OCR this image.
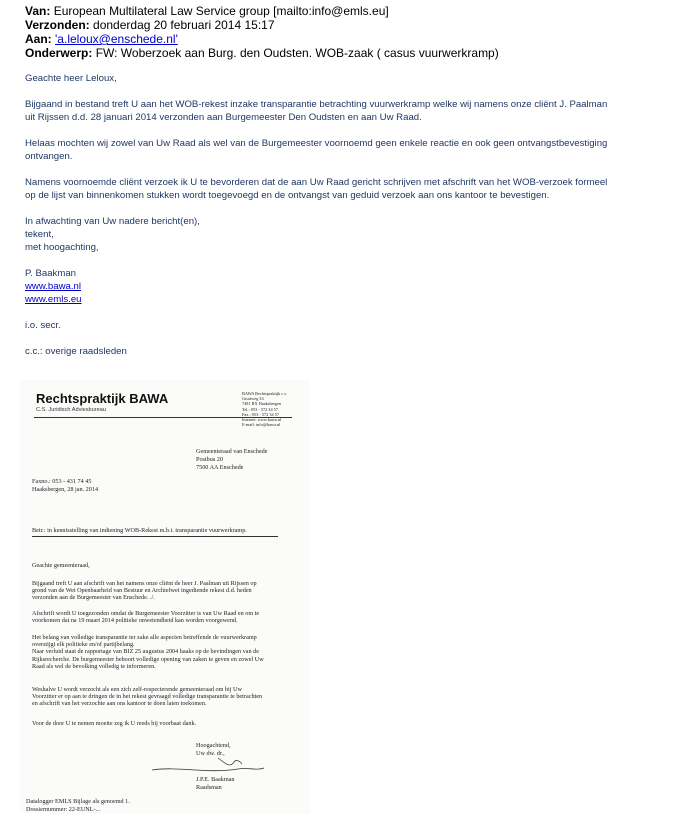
Van: European Multilateral Law Service group [mailto:info@emls.eu]
Verzonden: donderdag 20 februari 2014 15:17
Aan: 'a.leloux@enschede.nl'
Onderwerp: FW: Woberzoek aan Burg. den Oudsten. WOB-zaak ( casus vuurwerkramp)
Geachte heer Leloux,
Bijgaand in bestand treft U aan het WOB-rekest inzake transparantie betrachting vuurwerkramp welke wij namens onze cliënt J. Paalman
uit Rijssen d.d. 28 januari 2014 verzonden aan Burgemeester Den Oudsten en aan Uw Raad.
Helaas mochten wij zowel van Uw Raad als wel van de Burgemeester voornoemd geen enkele reactie en ook geen ontvangstbevestiging
ontvangen.
Namens voornoemde cliënt verzoek ik U te bevorderen dat de aan Uw Raad gericht schrijven met afschrift van het WOB-verzoek formeel
op de lijst van binnenkomen stukken wordt toegevoegd en de ontvangst van geduid verzoek aan ons kantoor te bevestigen.
In afwachting van Uw nadere bericht(en),
tekent,
met hoogachting,
P. Baakman
www.bawa.nl
www.emls.eu
i.o. secr.
c.c.: overige raadsleden
Rechtspraktijk BAWA
C.S. Juridisch Adviesbureau
BAWA Rechtspraktijk c.s.
Gruitweg 33
7481 BX Haaksbergen
Tel.: 053 - 572 34 57
Fax.: 053 - 572 34 57
Internet: www.bawa.nl
E-mail: info@bawa.nl
Gemeenteraad van Enschede
Postbus 20
7500 AA Enschede
Faxno.: 053 - 431 74 45
Haaksbergen, 28 jan. 2014
Betr.: in kennisstelling van indiening WOB-Rekest m.b.t. transparantie vuurwerkramp.
Geachte gemeenteraad,
Bijgaand treft U aan afschrift van het namens onze cliënt de heer J. Paalman uit Rijssen op
grond van de Wet Openbaarheid van Bestuur en Archiefwet ingediende rekest d.d. heden
verzonden aan de Burgemeester van Enschede. ./.
Afschrift wordt U toegezonden omdat de Burgemeester Voorzitter is van Uw Raad en om te
voorkomen dat na 19 maart 2014 politieke onwetendheid kan worden voorgewend.
Het belang van volledige transparantie ter zake alle aspecten betreffende de vuurwerkramp
overstijgt elk politieke en/of partijbelang.
Naar verluid staat de rapportage van BIZ 25 augustus 2004 haaks op de bevindingen van de
Rijksrecherche. De burgemeester behoort volledige opening van zaken te geven en zowel Uw
Raad als wel de bevolking volledig te informeren.
Weshalve U wordt verzocht als een zich zelf-respecterende gemeenteraad om bij Uw
Voorzitter er op aan te dringen de in het rekest gevraagd volledige transparantie te betrachten
en afschrift van het verzochte aan ons kantoor te doen laten toekomen.
Voor de door U te nemen moeite zeg ik U reeds bij voorbaat dank.
Hoogachtend,
Uw dw. dr.,
J.P.E. Baakman
Raadsman
Datalogger EMLS Bijlage als genoemd 1.
Dossiernummer: 22-EUNL-...
